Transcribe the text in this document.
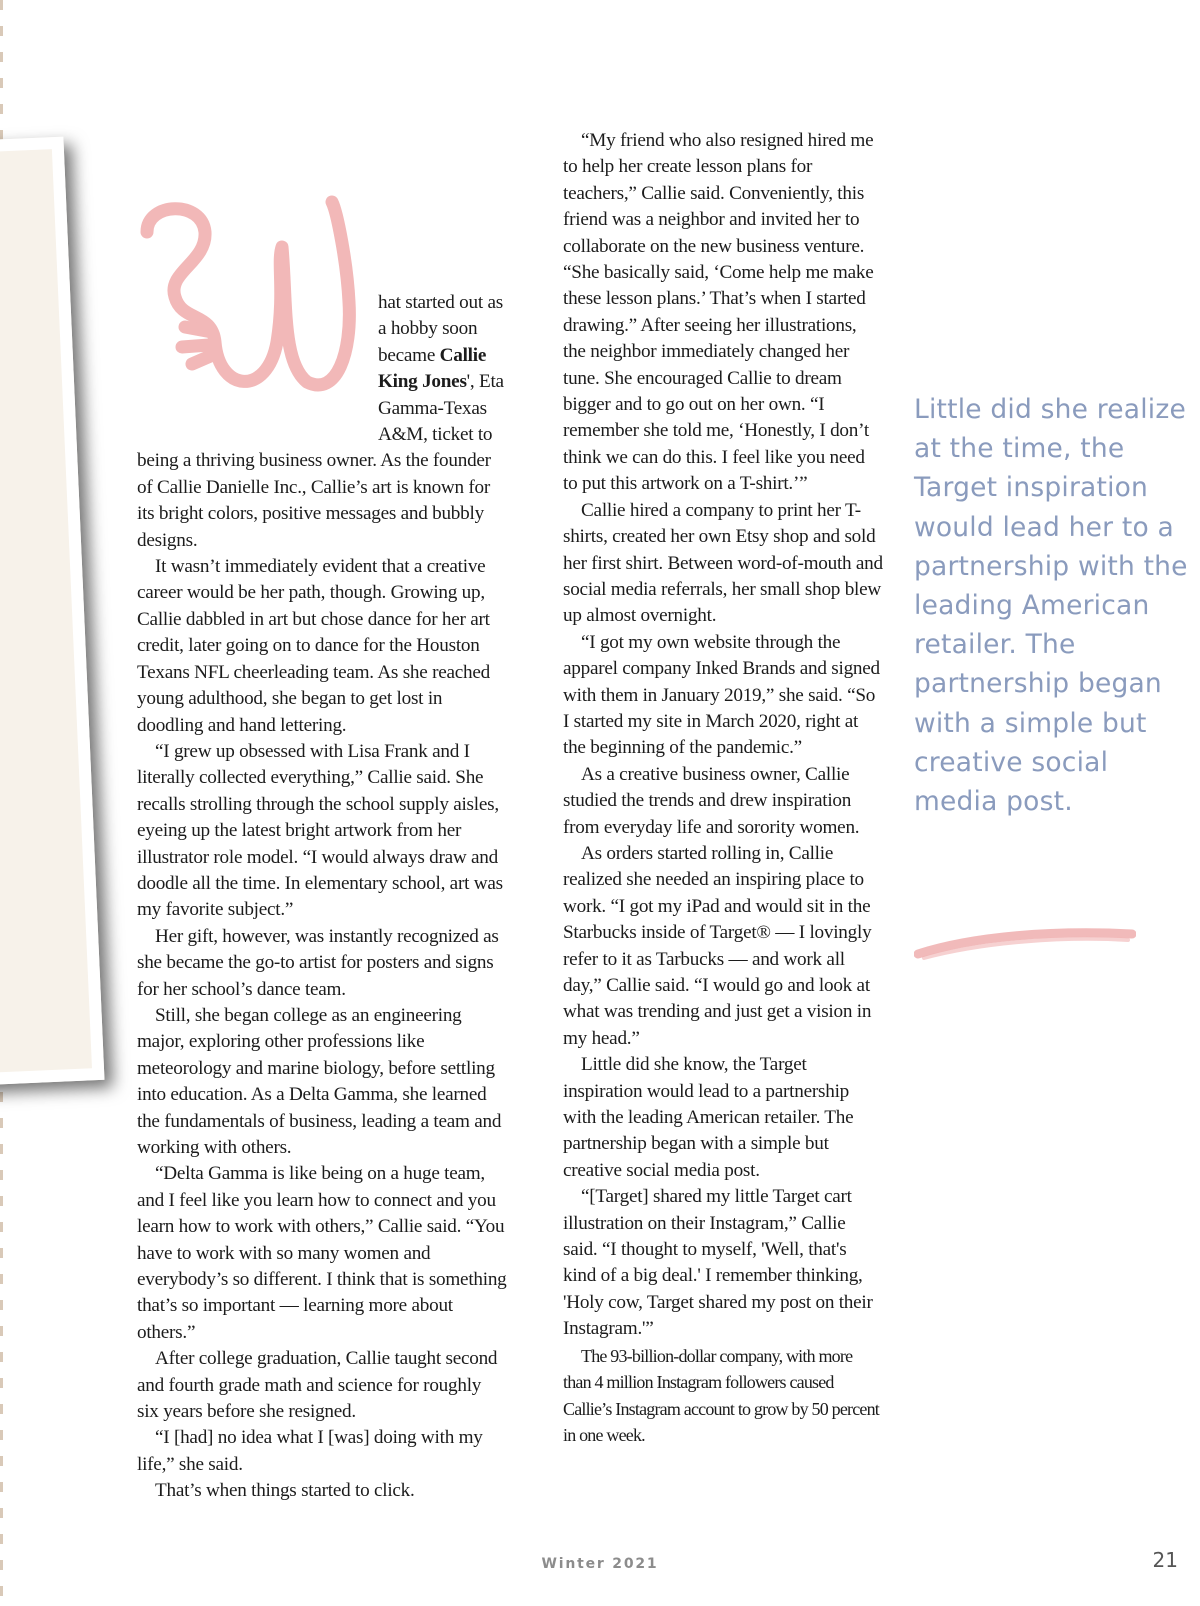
hat started out as a hobby soon became Callie King Jones', Eta Gamma-Texas A&M, ticket to being a thriving business owner. As the founder of Callie Danielle Inc., Callie’s art is known for its bright colors, positive messages and bubbly designs.

It wasn’t immediately evident that a creative career would be her path, though. Growing up, Callie dabbled in art but chose dance for her art credit, later going on to dance for the Houston Texans NFL cheerleading team. As she reached young adulthood, she began to get lost in doodling and hand lettering.

“I grew up obsessed with Lisa Frank and I literally collected everything,” Callie said. She recalls strolling through the school supply aisles, eyeing up the latest bright artwork from her illustrator role model. “I would always draw and doodle all the time. In elementary school, art was my favorite subject.”

Her gift, however, was instantly recognized as she became the go-to artist for posters and signs for her school’s dance team.

Still, she began college as an engineering major, exploring other professions like meteorology and marine biology, before settling into education. As a Delta Gamma, she learned the fundamentals of business, leading a team and working with others.

“Delta Gamma is like being on a huge team, and I feel like you learn how to connect and you learn how to work with others,” Callie said. “You have to work with so many women and everybody’s so different. I think that is something that’s so important — learning more about others.”

After college graduation, Callie taught second and fourth grade math and science for roughly six years before she resigned.

“I [had] no idea what I [was] doing with my life,” she said.

That’s when things started to click.

“My friend who also resigned hired me to help her create lesson plans for teachers,” Callie said. Conveniently, this friend was a neighbor and invited her to collaborate on the new business venture. “She basically said, ‘Come help me make these lesson plans.’ That’s when I started drawing.” After seeing her illustrations, the neighbor immediately changed her tune. She encouraged Callie to dream bigger and to go out on her own. “I remember she told me, ‘Honestly, I don’t think we can do this. I feel like you need to put this artwork on a T-shirt.’”

Callie hired a company to print her T-shirts, created her own Etsy shop and sold her first shirt. Between word-of-mouth and social media referrals, her small shop blew up almost overnight.

“I got my own website through the apparel company Inked Brands and signed with them in January 2019,” she said. “So I started my site in March 2020, right at the beginning of the pandemic.”

As a creative business owner, Callie studied the trends and drew inspiration from everyday life and sorority women.

As orders started rolling in, Callie realized she needed an inspiring place to work. “I got my iPad and would sit in the Starbucks inside of Target® — I lovingly refer to it as Tarbucks — and work all day,” Callie said. “I would go and look at what was trending and just get a vision in my head.”

Little did she know, the Target inspiration would lead to a partnership with the leading American retailer. The partnership began with a simple but creative social media post.

“[Target] shared my little Target cart illustration on their Instagram,” Callie said. “I thought to myself, 'Well, that's kind of a big deal.' I remember thinking, 'Holy cow, Target shared my post on their Instagram.'”

The 93-billion-dollar company, with more than 4 million Instagram followers caused Callie’s Instagram account to grow by 50 percent in one week.

Little did she realize at the time, the Target inspiration would lead her to a partnership with the leading American retailer. The partnership began with a simple but creative social media post.
Winter 2021	21
